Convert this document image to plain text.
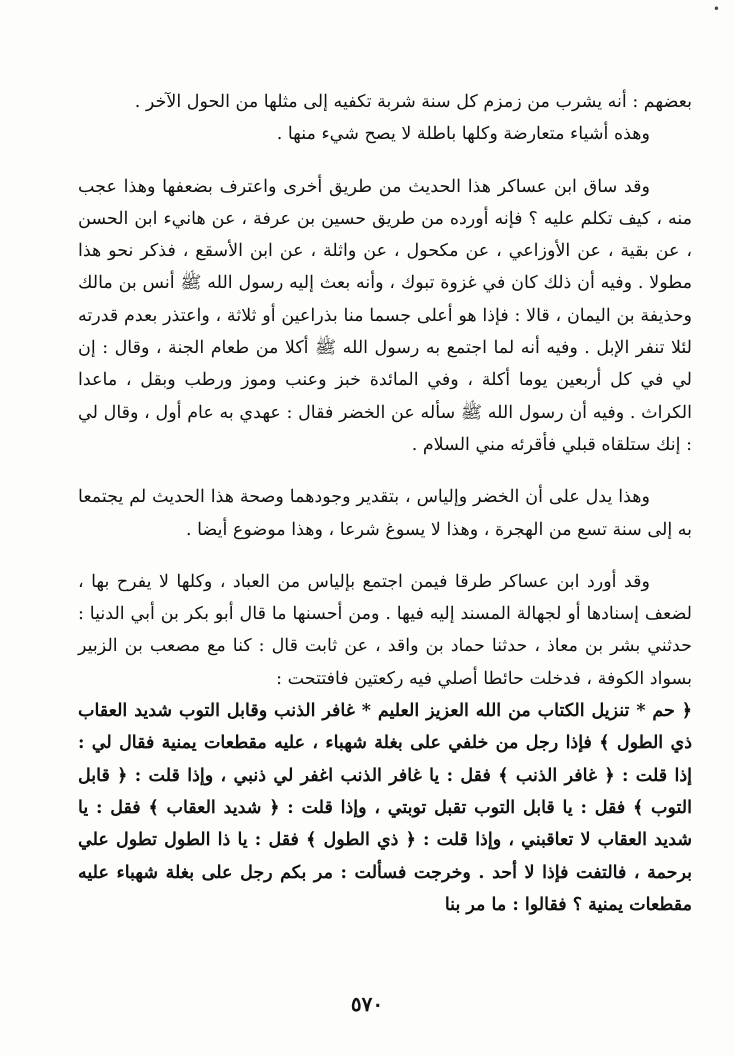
•

بعضهم : أنه يشرب من زمزم كل سنة شربة تكفيه إلى مثلها من الحول الآخر .

وهذه أشياء متعارضة وكلها باطلة لا يصح شيء منها .

وقد ساق ابن عساكر هذا الحديث من طريق أخرى واعترف بضعفها وهذا عجب منه ، كيف تكلم عليه ؟ فإنه أورده من طريق حسين بن عرفة ، عن هانيء ابن الحسن ، عن بقية ، عن الأوزاعي ، عن مكحول ، عن واثلة ، عن ابن الأسقع ، فذكر نحو هذا مطولا . وفيه أن ذلك كان في غزوة تبوك ، وأنه بعث إليه رسول الله ﷺ أنس بن مالك وحذيفة بن اليمان ، قالا : فإذا هو أعلى جسما منا بذراعين أو ثلاثة ، واعتذر بعدم قدرته لئلا تنفر الإبل . وفيه أنه لما اجتمع به رسول الله ﷺ أكلا من طعام الجنة ، وقال : إن لي في كل أربعين يوما أكلة ، وفي المائدة خبز وعنب وموز ورطب وبقل ، ماعدا الكراث . وفيه أن رسول الله ﷺ سأله عن الخضر فقال : عهدي به عام أول ، وقال لي : إنك ستلقاه قبلي فأقرئه مني السلام .

وهذا يدل على أن الخضر وإلياس ، بتقدير وجودهما وصحة هذا الحديث لم يجتمعا به إلى سنة تسع من الهجرة ، وهذا لا يسوغ شرعا ، وهذا موضوع أيضا .

وقد أورد ابن عساكر طرقا فيمن اجتمع بإلياس من العباد ، وكلها لا يفرح بها ، لضعف إسنادها أو لجهالة المسند إليه فيها . ومن أحسنها ما قال أبو بكر بن أبي الدنيا : حدثني بشر بن معاذ ، حدثنا حماد بن واقد ، عن ثابت قال : كنا مع مصعب بن الزبير بسواد الكوفة ، فدخلت حائطا أصلي فيه ركعتين فافتتحت :

﴿ حم * تنزيل الكتاب من الله العزيز العليم * غافر الذنب وقابل التوب شديد العقاب ذي الطول ﴾ فإذا رجل من خلفي على بغلة شهباء ، عليه مقطعات يمنية فقال لي : إذا قلت : ﴿ غافر الذنب ﴾ فقل : يا غافر الذنب اغفر لي ذنبي ، وإذا قلت : ﴿ قابل التوب ﴾ فقل : يا قابل التوب تقبل توبتي ، وإذا قلت : ﴿ شديد العقاب ﴾ فقل : يا شديد العقاب لا تعاقبني ، وإذا قلت : ﴿ ذي الطول ﴾ فقل : يا ذا الطول تطول علي برحمة ، فالتفت فإذا لا أحد . وخرجت فسألت : مر بكم رجل على بغلة شهباء عليه مقطعات يمنية ؟ فقالوا : ما مر بنا

٥٧٠
